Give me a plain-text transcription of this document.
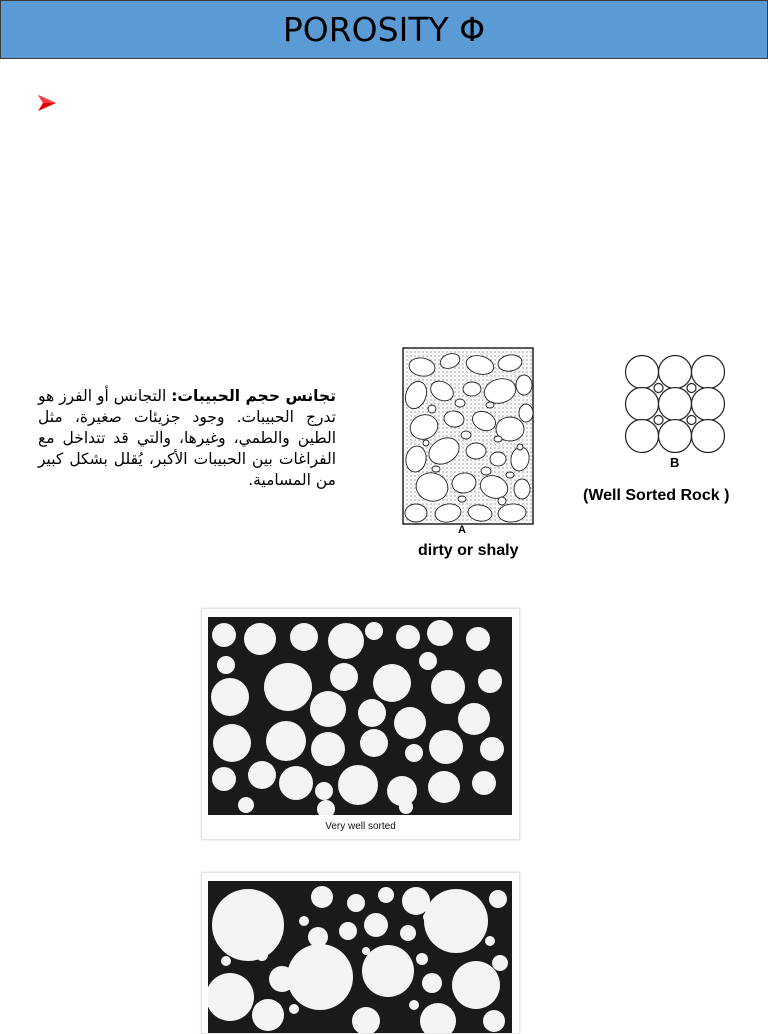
POROSITY Φ
تجانس حجم الحبيبات: التجانس أو الفرز هو تدرج الحبيبات. وجود جزيئات صغيرة، مثل الطين والطمي، وغيرها، والتي قد تتداخل مع الفراغات بين الحبيبات الأكبر، يُقلل بشكل كبير من المسامية.
A
dirty or shaly
B
(Well Sorted Rock )
Very well sorted
